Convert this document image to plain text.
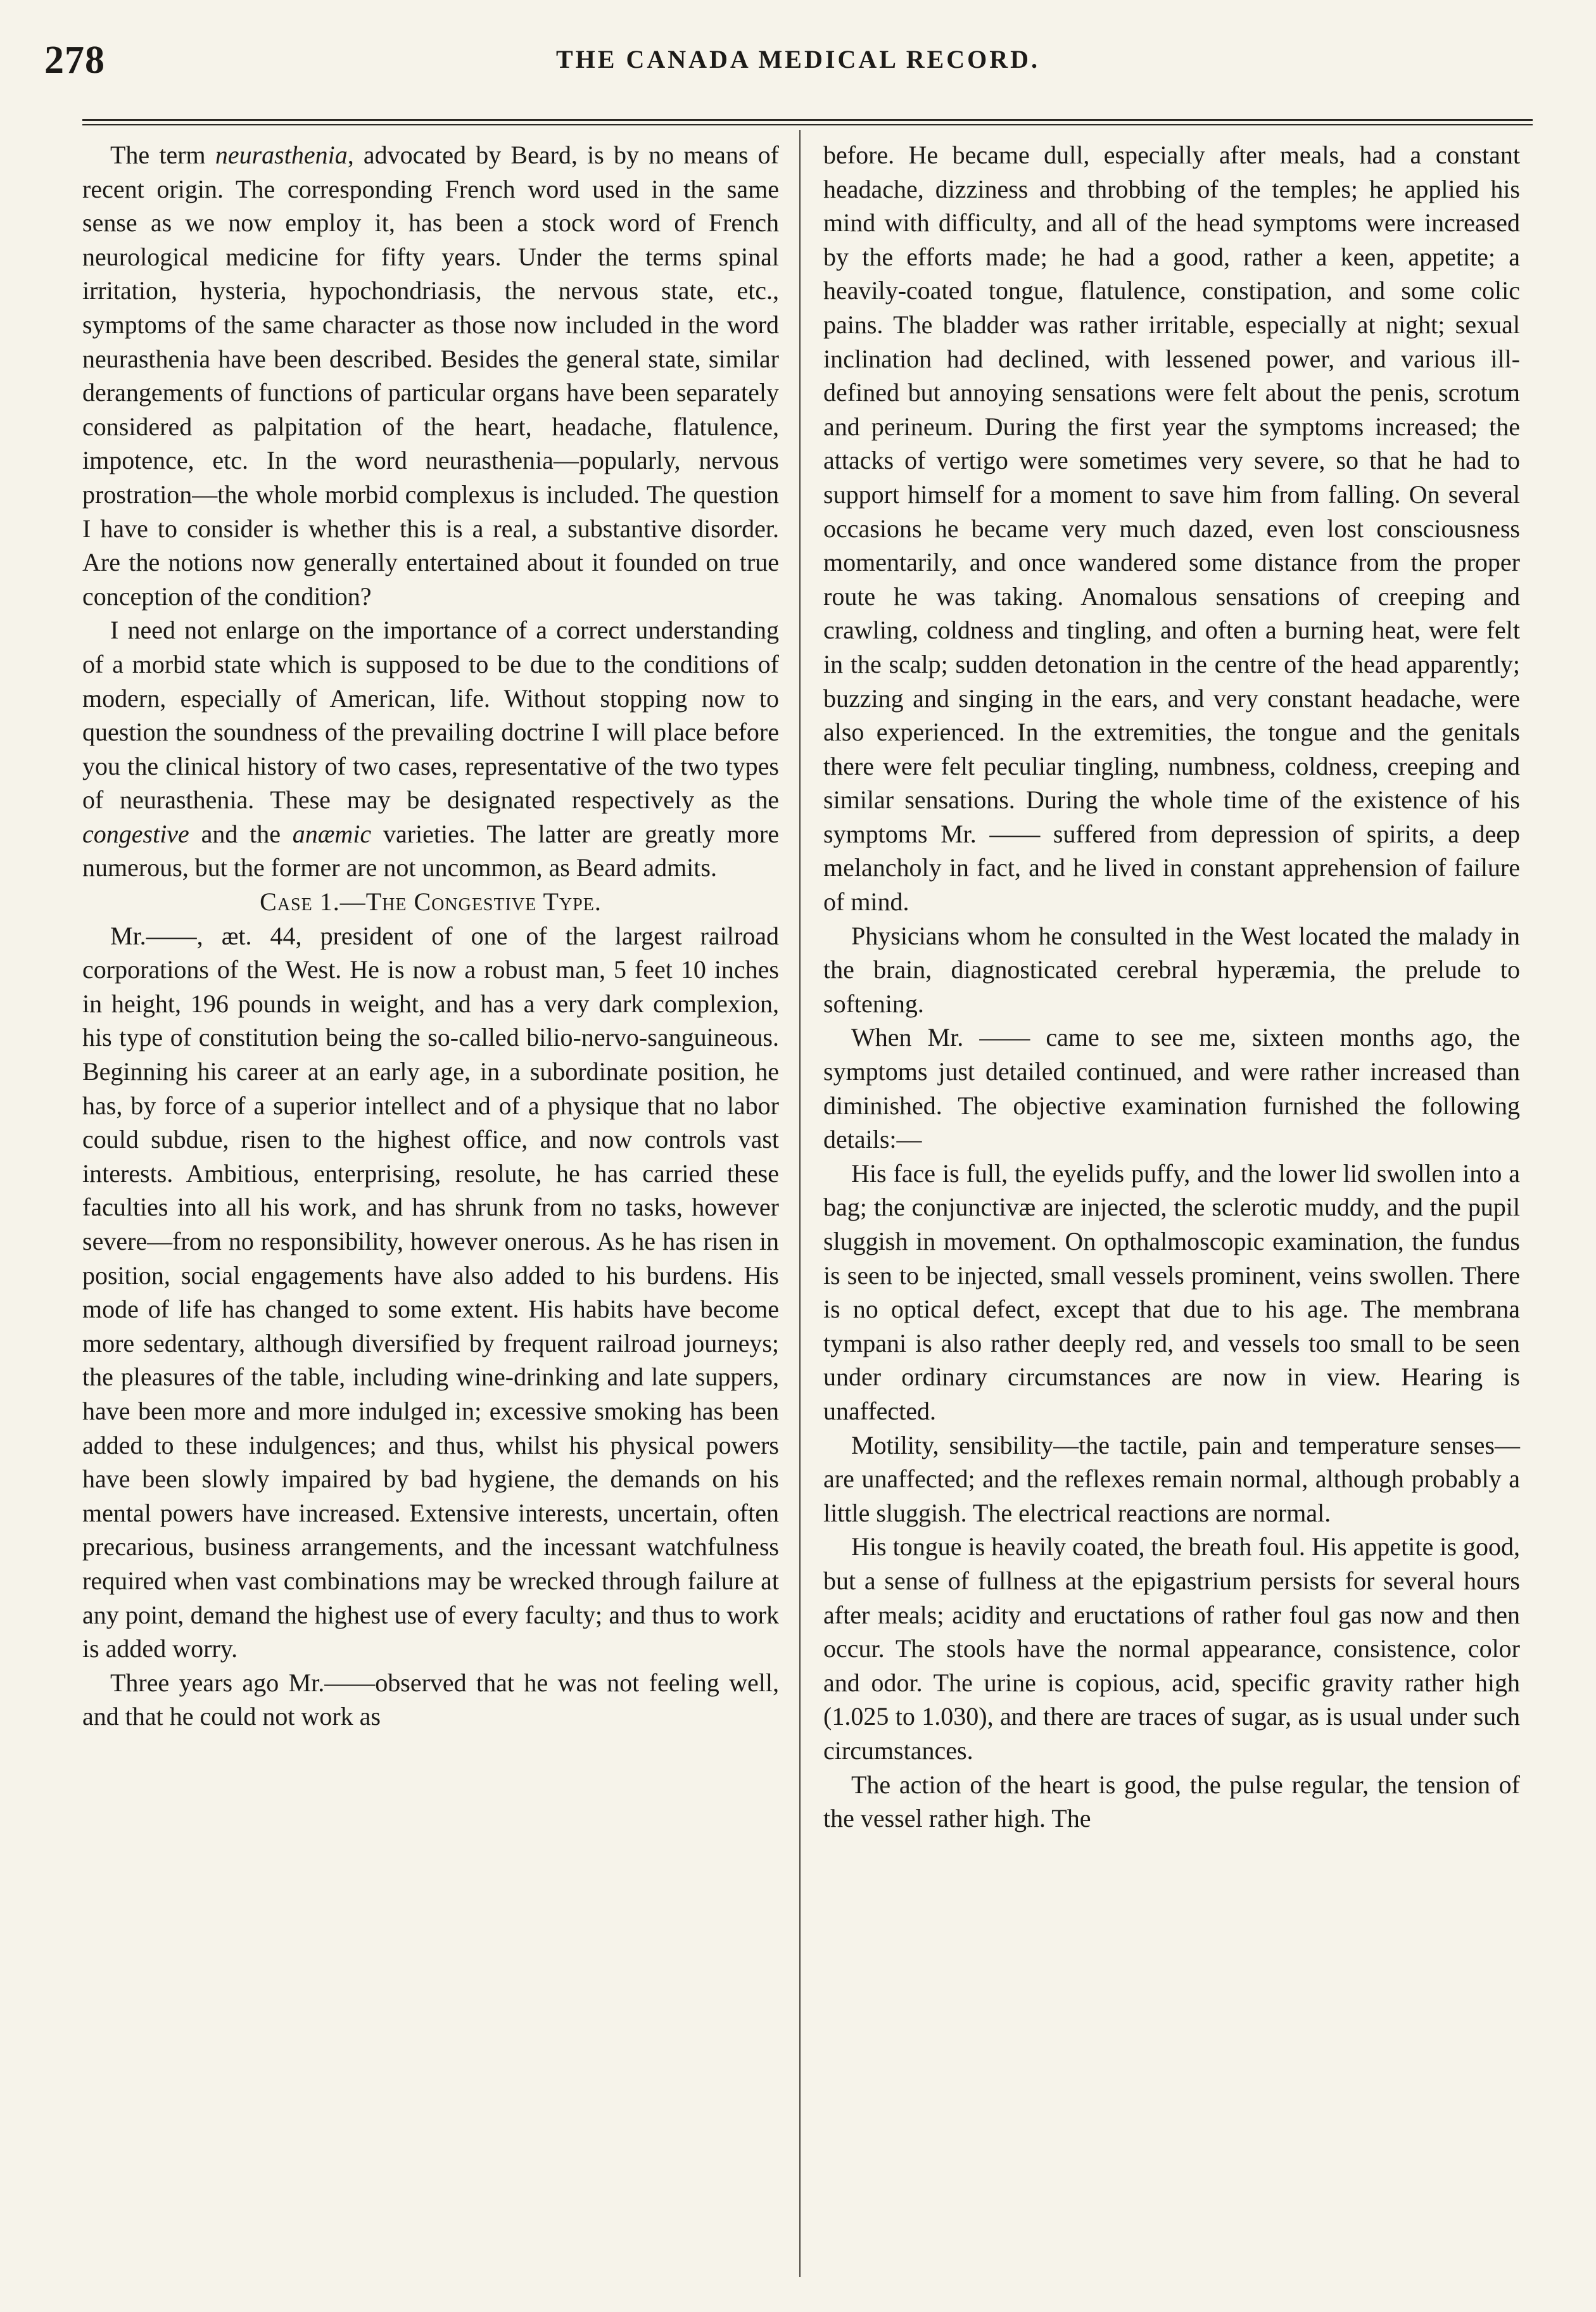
278	THE CANADA MEDICAL RECORD.

The term neurasthenia, advocated by Beard, is by no means of recent origin. The corresponding French word used in the same sense as we now employ it, has been a stock word of French neurological medicine for fifty years. Under the terms spinal irritation, hysteria, hypochondriasis, the nervous state, etc., symptoms of the same character as those now included in the word neurasthenia have been described. Besides the general state, similar derangements of functions of particular organs have been separately considered as palpitation of the heart, headache, flatulence, impotence, etc. In the word neurasthenia—popularly, nervous prostration—the whole morbid complexus is included. The question I have to consider is whether this is a real, a substantive disorder. Are the notions now generally entertained about it founded on true conception of the condition?

I need not enlarge on the importance of a correct understanding of a morbid state which is supposed to be due to the conditions of modern, especially of American, life. Without stopping now to question the soundness of the prevailing doctrine I will place before you the clinical history of two cases, representative of the two types of neurasthenia. These may be designated respectively as the congestive and the anæmic varieties. The latter are greatly more numerous, but the former are not uncommon, as Beard admits.

Case 1.—The Congestive Type.

Mr.——, æt. 44, president of one of the largest railroad corporations of the West. He is now a robust man, 5 feet 10 inches in height, 196 pounds in weight, and has a very dark complexion, his type of constitution being the so-called bilio-nervo-sanguineous. Beginning his career at an early age, in a subordinate position, he has, by force of a superior intellect and of a physique that no labor could subdue, risen to the highest office, and now controls vast interests. Ambitious, enterprising, resolute, he has carried these faculties into all his work, and has shrunk from no tasks, however severe—from no responsibility, however onerous. As he has risen in position, social engagements have also added to his burdens. His mode of life has changed to some extent. His habits have become more sedentary, although diversified by frequent railroad journeys; the pleasures of the table, including wine-drinking and late suppers, have been more and more indulged in; excessive smoking has been added to these indulgences; and thus, whilst his physical powers have been slowly impaired by bad hygiene, the demands on his mental powers have increased. Extensive interests, uncertain, often precarious, business arrangements, and the incessant watchfulness required when vast combinations may be wrecked through failure at any point, demand the highest use of every faculty; and thus to work is added worry.

Three years ago Mr.——observed that he was not feeling well, and that he could not work as

before. He became dull, especially after meals, had a constant headache, dizziness and throbbing of the temples; he applied his mind with difficulty, and all of the head symptoms were increased by the efforts made; he had a good, rather a keen, appetite; a heavily-coated tongue, flatulence, constipation, and some colic pains. The bladder was rather irritable, especially at night; sexual inclination had declined, with lessened power, and various ill-defined but annoying sensations were felt about the penis, scrotum and perineum. During the first year the symptoms increased; the attacks of vertigo were sometimes very severe, so that he had to support himself for a moment to save him from falling. On several occasions he became very much dazed, even lost consciousness momentarily, and once wandered some distance from the proper route he was taking. Anomalous sensations of creeping and crawling, coldness and tingling, and often a burning heat, were felt in the scalp; sudden detonation in the centre of the head apparently; buzzing and singing in the ears, and very constant headache, were also experienced. In the extremities, the tongue and the genitals there were felt peculiar tingling, numbness, coldness, creeping and similar sensations. During the whole time of the existence of his symptoms Mr. —— suffered from depression of spirits, a deep melancholy in fact, and he lived in constant apprehension of failure of mind.

Physicians whom he consulted in the West located the malady in the brain, diagnosticated cerebral hyperæmia, the prelude to softening.

When Mr. —— came to see me, sixteen months ago, the symptoms just detailed continued, and were rather increased than diminished. The objective examination furnished the following details:—

His face is full, the eyelids puffy, and the lower lid swollen into a bag; the conjunctivæ are injected, the sclerotic muddy, and the pupil sluggish in movement. On opthalmoscopic examination, the fundus is seen to be injected, small vessels prominent, veins swollen. There is no optical defect, except that due to his age. The membrana tympani is also rather deeply red, and vessels too small to be seen under ordinary circumstances are now in view. Hearing is unaffected.

Motility, sensibility—the tactile, pain and temperature senses—are unaffected; and the reflexes remain normal, although probably a little sluggish. The electrical reactions are normal.

His tongue is heavily coated, the breath foul. His appetite is good, but a sense of fullness at the epigastrium persists for several hours after meals; acidity and eructations of rather foul gas now and then occur. The stools have the normal appearance, consistence, color and odor. The urine is copious, acid, specific gravity rather high (1.025 to 1.030), and there are traces of sugar, as is usual under such circumstances.

The action of the heart is good, the pulse regular, the tension of the vessel rather high. The
